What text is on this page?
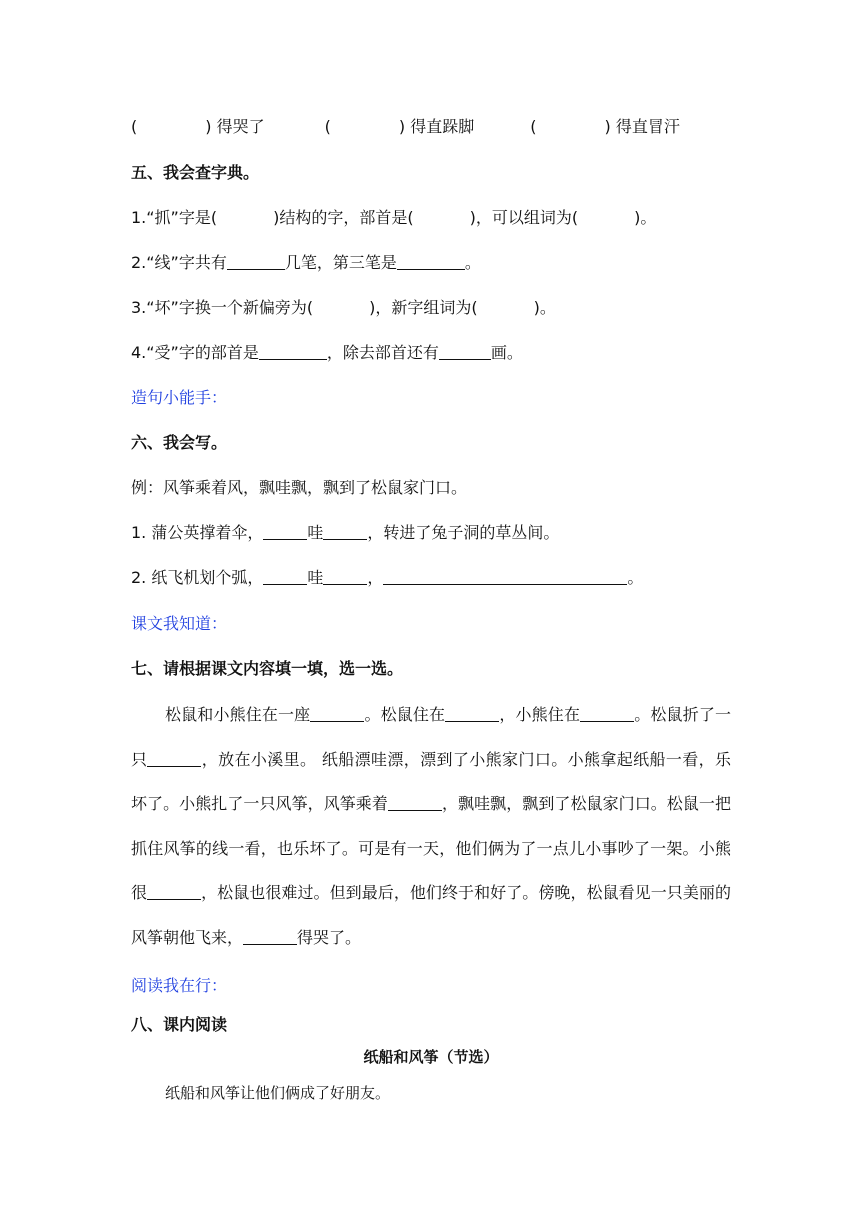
(	) 得哭了	(	) 得直跺脚	(	) 得直冒汗
五、我会查字典。
1.“抓”字是(	)结构的字，部首是(	)，可以组词为(	)。
2.“线”字共有	几笔，第三笔是	。
3.“坏”字换一个新偏旁为(	)，新字组词为(	)。
4.“受”字的部首是	，除去部首还有	画。
造句小能手：
六、我会写。
例：风筝乘着风，飘哇飘，飘到了松鼠家门口。
1. 蒲公英撑着伞，	哇	，转进了兔子洞的草丛间。
2. 纸飞机划个弧，	哇	，	。
课文我知道：
七、请根据课文内容填一填，选一选。
松鼠和小熊住在一座	。松鼠住在	，小熊住在	。松鼠折了一只	，放在小溪里。 纸船漂哇漂，漂到了小熊家门口。小熊拿起纸船一看，乐坏了。小熊扎了一只风筝，风筝乘着	，飘哇飘，飘到了松鼠家门口。松鼠一把抓住风筝的线一看，也乐坏了。可是有一天，他们俩为了一点儿小事吵了一架。小熊很	，松鼠也很难过。但到最后，他们终于和好了。傍晚，松鼠看见一只美丽的风筝朝他飞来，	得哭了。
阅读我在行：
八、课内阅读
纸船和风筝（节选）
纸船和风筝让他们俩成了好朋友。
